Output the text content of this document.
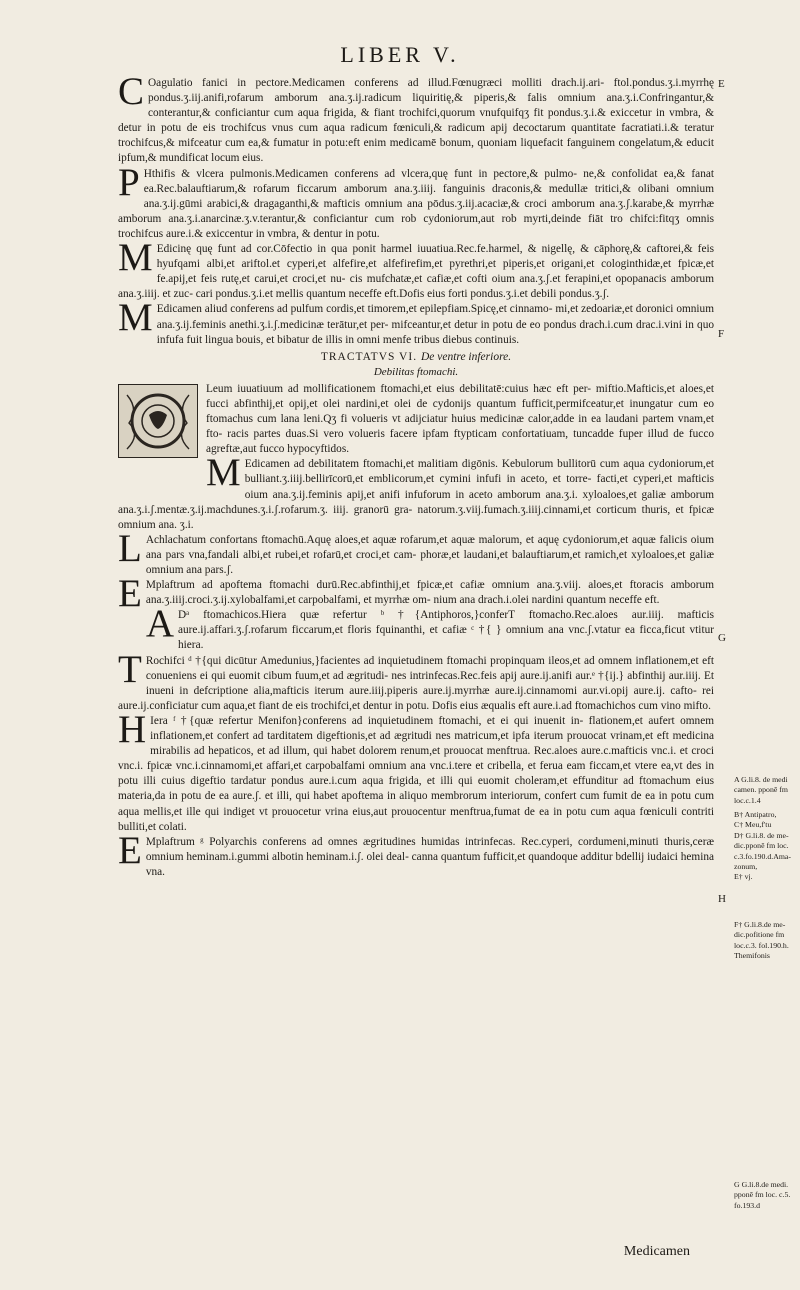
LIBER V.

C Oagulatio fanici in pectore.Medicamen conferens ad illud.Fœnugræci molliti drach.ij.ari- ftol.pondus.ʒ.i.myrrhę pondus.ʒ.iij.anifi,rofarum amborum ana.ʒ.ij.radicum liquiritię,& piperis,& falis omnium ana.ʒ.i.Confringantur,& conterantur,& conficiantur cum aqua frigida, & fiant trochifci,quorum vnufquifqʒ fit pondus.ʒ.i.& exiccetur in vmbra, & detur in potu de eis trochifcus vnus cum aqua radicum fœniculi,& radicum apij decoctarum quantitate facratiati.i.& teratur trochifcus,& mifceatur cum ea,& fumatur in potu:eft enim medicamē bonum, quoniam liquefacit fanguinem congelatum,& educit ipfum,& mundificat locum eius.

P Hthifis & vlcera pulmonis.Medicamen conferens ad vlcera,quę funt in pectore,& pulmo- ne,& confolidat ea,& fanat ea.Rec.balauftiarum,& rofarum ficcarum amborum ana.ʒ.iiij. fanguinis draconis,& medullæ tritici,& olibani omnium ana.ʒ.ij.gūmi arabici,& dragaganthi,& mafticis omnium ana pōdus.ʒ.iij.acaciæ,& croci amborum ana.ʒ.ʃ.karabe,& myrrhæ amborum ana.ʒ.i.anarcinæ.ʒ.v.terantur,& conficiantur cum rob cydoniorum,aut rob myrti,deinde fiāt tro chifci:fitqʒ omnis trochifcus aure.i.& exiccentur in vmbra, & dentur in potu.

M Edicinę quę funt ad cor.Cōfectio in qua ponit harmel iuuatiua.Rec.fe.harmel, & nigellę, & cāphorę,& caftorei,& feis hyufqami albi,et ariftol.et cyperi,et alfefire,et alfefirefim,et pyrethri,et piperis,et origani,et cologinthidæ,et fpicæ,et fe.apij,et feis rutę,et carui,et croci,et nu- cis mufchatæ,et cafiæ,et cofti oium ana.ʒ.ʃ.et ferapini,et opopanacis amborum ana.ʒ.iiij. et zuc- cari pondus.ʒ.i.et mellis quantum neceffe eft.Dofis eius forti pondus.ʒ.i.et debili pondus.ʒ.ʃ.

M Edicamen aliud conferens ad pulfum cordis,et timorem,et epilepfiam.Spicę,et cinnamo- mi,et zedoariæ,et doronici omnium ana.ʒ.ij.feminis anethi.ʒ.i.ʃ.medicinæ terātur,et per- mifceantur,et detur in potu de eo pondus drach.i.cum drac.i.vini in quo infufa fuit lingua bouis, et bibatur de illis in omni menfe tribus diebus continuis.

TRACTATVS VI. De ventre inferiore.
Debilitas ftomachi.

Leum iuuatiuum ad mollificationem ftomachi,et eius debilitatē:cuius hæc eft per- miftio.Mafticis,et aloes,et fucci abfinthij,et opij,et olei nardini,et olei de cydonijs quantum fufficit,permifceatur,et inungatur cum eo ftomachus cum lana leni.Qʒ fi volueris vt adijciatur huius medicinæ calor,adde in ea laudani partem vnam,et fto- racis partes duas.Si vero volueris facere ipfam ftypticam confortatiuam, tuncadde fuper illud de fucco agreftæ,aut fucco hypocyftidos.

M Edicamen ad debilitatem ftomachi,et malitiam digōnis. Kebulorum bullitorū cum aqua cydoniorum,et bulliant.ʒ.iiij.bellirīcorū,et emblicorum,et cymini infufi in aceto, et torre- facti,et cyperi,et mafticis oium ana.ʒ.ij.feminis apij,et anifi infuforum in aceto amborum ana.ʒ.i. xyloaloes,et galiæ amborum ana.ʒ.i.ʃ.mentæ.ʒ.ij.machdunes.ʒ.i.ʃ.rofarum.ʒ. iiij. granorū gra- natorum.ʒ.viij.fumach.ʒ.iiij.cinnami,et corticum thuris, et fpicæ omnium ana. ʒ.i.

L Achlachatum confortans ftomachū.Aquę aloes,et aquæ rofarum,et aquæ malorum, et aquę cydoniorum,et aquæ falicis oium ana pars vna,fandali albi,et rubei,et rofarū,et croci,et cam- phoræ,et laudani,et balauftiarum,et ramich,et xyloaloes,et galiæ omnium ana pars.ʃ.

E Mplaftrum ad apoftema ftomachi durū.Rec.abfinthij,et fpicæ,et cafiæ omnium ana.ʒ.viij. aloes,et ftoracis amborum ana.ʒ.iiij.croci.ʒ.ij.xylobalfami,et carpobalfami, et myrrhæ om- nium ana drach.i.olei nardini quantum neceffe eft.

A Dᵃ ftomachicos.Hiera quæ refertur ᵇ †{Antiphoros,}conferT ftomacho.Rec.aloes aur.iiij. mafticis aure.ij.affari.ʒ.ʃ.rofarum ficcarum,et floris fquinanthi, et cafiæ ᶜ †{ } omnium ana vnc.ʃ.vtatur ea ficca,ficut vtitur hiera.

T Rochifci ᵈ †{qui dicūtur Amedunius,}facientes ad inquietudinem ftomachi propinquam ileos,et ad omnem inflationem,et eft conueniens ei qui euomit cibum fuum,et ad ægritudi- nes intrinfecas.Rec.feis apij aure.ij.anifi aur.ᵉ †{ij.} abfinthij aur.iiij. Et inueni in defcriptione alia,mafticis iterum aure.iiij.piperis aure.ij.myrrhæ aure.ij.cinnamomi aur.vi.opij aure.ij. cafto- rei aure.ij.conficiatur cum aqua,et fiant de eis trochifci,et dentur in potu. Dofis eius æqualis eft aure.i.ad ftomachichos cum vino mifto.

H Iera ᶠ †{quæ refertur Menifon}conferens ad inquietudinem ftomachi, et ei qui inuenit in- flationem,et aufert omnem inflationem,et confert ad tarditatem digeftionis,et ad ægritudi nes matricum,et ipfa iterum prouocat vrinam,et eft medicina mirabilis ad hepaticos, et ad illum, qui habet dolorem renum,et prouocat menftrua. Rec.aloes aure.c.mafticis vnc.i. et croci vnc.i. fpicæ vnc.i.cinnamomi,et affari,et carpobalfami omnium ana vnc.i.tere et cribella, et ferua eam ficcam,et vtere ea,vt des in potu illi cuius digeftio tardatur pondus aure.i.cum aqua frigida, et illi qui euomit choleram,et effunditur ad ftomachum eius materia,da in potu de ea aure.ʃ. et illi, qui habet apoftema in aliquo membrorum interiorum, confert cum fumit de ea in potu cum aqua mellis,et ille qui indiget vt prouocetur vrina eius,aut prouocentur menftrua,fumat de ea in potu cum aqua fœniculi contriti bulliti,et colati.

E Mplaftrum ᵍ Polyarchis conferens ad omnes ægritudines humidas intrinfecas. Rec.cyperi, cordumeni,minuti thuris,ceræ omnium heminam.i.gummi albotin heminam.i.ʃ. olei deal- canna quantum fufficit,et quandoque additur bdellij iudaici hemina vna.

E
F
G
H
A G.li.8. de medi camen. pponē fm loc.c.1.4
B† Antipatro,
C† Meu,f'tu
D† G.li.8. de me- dic.pponē fm loc. c.3.fo.190.d.Ama- zonum,
E† vj.
F† G.li.8.de me- dic.pofitione fm loc.c.3. fol.190.h. Themifonis
G G.li.8.de medi. pponē fm loc. c.5. fo.193.d
Medicamen
